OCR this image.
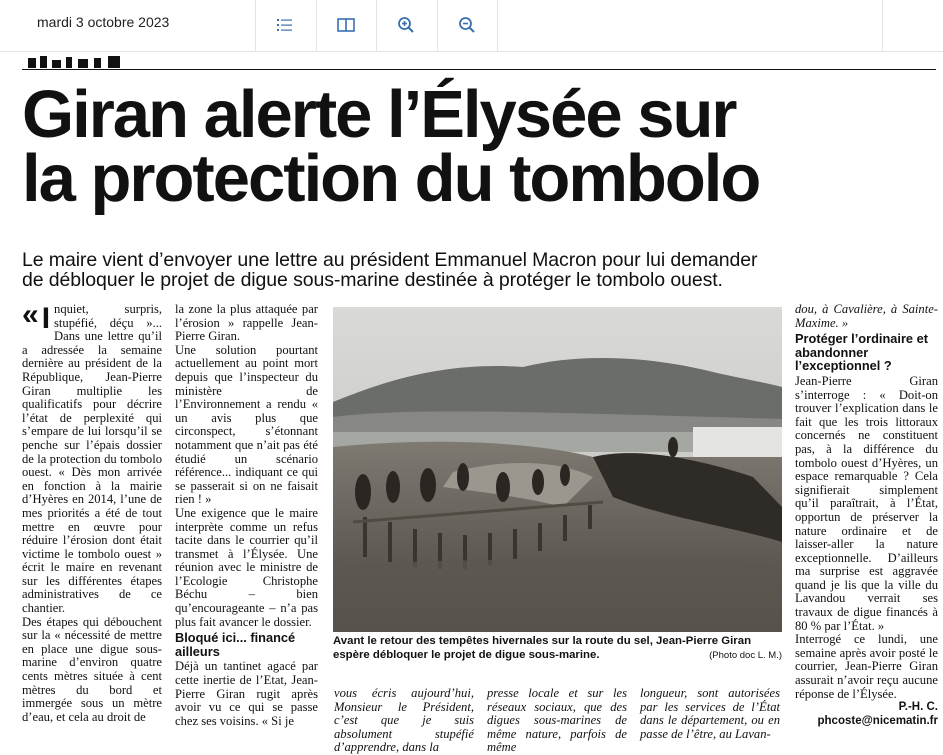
mardi 3 octobre 2023
Giran alerte l’Élysée sur
la protection du tombolo
Le maire vient d’envoyer une lettre au président Emmanuel Macron pour lui demander
de débloquer le projet de digue sous-marine destinée à protéger le tombolo ouest.

« I nquiet, surpris, stupéfié, déçu »... Dans une lettre qu’il a adressée la semaine dernière au président de la République, Jean-Pierre Giran multiplie les qualificatifs pour décrire l’état de perplexité qui s’empare de lui lorsqu’il se penche sur l’épais dossier de la protection du tombolo ouest. « Dès mon arrivée en fonction à la mairie d’Hyères en 2014, l’une de mes priorités a été de tout mettre en œuvre pour réduire l’érosion dont était victime le tombolo ouest » écrit le maire en revenant sur les différentes étapes administratives de ce chantier.

Des étapes qui débouchent sur la « nécessité de mettre en place une digue sous-marine d’environ quatre cents mètres située à cent mètres du bord et immergée sous un mètre d’eau, et cela au droit de

la zone la plus attaquée par l’érosion » rappelle Jean-Pierre Giran.

Une solution pourtant actuellement au point mort depuis que l’inspecteur du ministère de l’Environnement a rendu « un avis plus que circonspect, s’étonnant notamment que n’ait pas été étudié un scénario référence... indiquant ce qui se passerait si on ne faisait rien ! »

Une exigence que le maire interprète comme un refus tacite dans le courrier qu’il transmet à l’Élysée. Une réunion avec le ministre de l’Ecologie Christophe Béchu – bien qu’encourageante – n’a pas plus fait avancer le dossier.

Bloqué ici... financé ailleurs

Déjà un tantinet agacé par cette inertie de l’Etat, Jean-Pierre Giran rugit après avoir vu ce qui se passe chez ses voisins. « Si je

Avant le retour des tempêtes hivernales sur la route du sel, Jean-Pierre Giran espère débloquer le projet de digue sous-marine.	(Photo doc L. M.)

vous écris aujourd’hui, Monsieur le Président, c’est que je suis absolument stupéfié d’apprendre, dans la

presse locale et sur les réseaux sociaux, que des digues sous-marines de même nature, parfois de même

longueur, sont autorisées par les services de l’État dans le département, ou en passe de l’être, au Lavan-

dou, à Cavalière, à Sainte-Maxime. »

Protéger l’ordinaire et abandonner l’exceptionnel ?

Jean-Pierre Giran s’interroge : « Doit-on trouver l’explication dans le fait que les trois littoraux concernés ne constituent pas, à la différence du tombolo ouest d’Hyères, un espace remarquable ? Cela signifierait simplement qu’il paraîtrait, à l’État, opportun de préserver la nature ordinaire et de laisser-aller la nature exceptionnelle. D’ailleurs ma surprise est aggravée quand je lis que la ville du Lavandou verrait ses travaux de digue financés à 80 % par l’État. »

Interrogé ce lundi, une semaine après avoir posté le courrier, Jean-Pierre Giran assurait n’avoir reçu aucune réponse de l’Élysée.

P.-H. C.
phcoste@nicematin.fr
